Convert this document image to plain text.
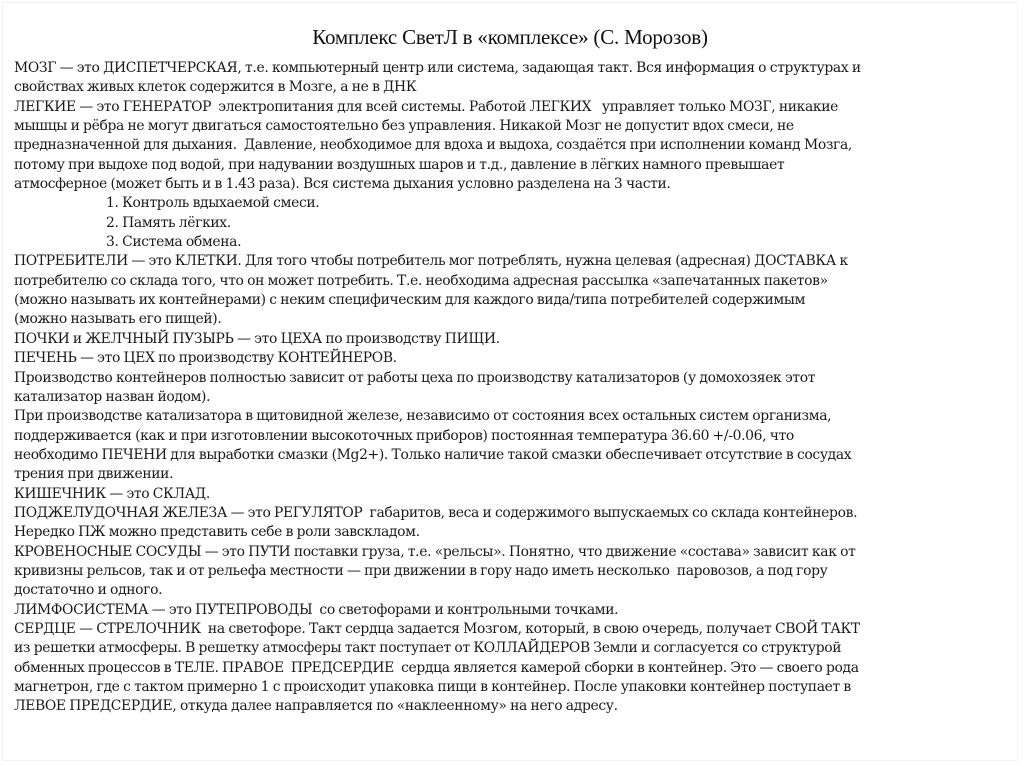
Комплекс СветЛ в «комплексе» (С. Морозов)
МОЗГ — это ДИСПЕТЧЕРСКАЯ, т.е. компьютерный центр или система, задающая такт. Вся информация о структурах и
свойствах живых клеток содержится в Мозге, а не в ДНК
ЛЕГКИЕ — это ГЕНЕРАТОР  электропитания для всей системы. Работой ЛЕГКИХ   управляет только МОЗГ, никакие
мышцы и рёбра не могут двигаться самостоятельно без управления. Никакой Мозг не допустит вдох смеси, не
предназначенной для дыхания.  Давление, необходимое для вдоха и выдоха, создаётся при исполнении команд Мозга,
потому при выдохе под водой, при надувании воздушных шаров и т.д., давление в лёгких намного превышает
атмосферное (может быть и в 1.43 раза). Вся система дыхания условно разделена на 3 части.
1. Контроль вдыхаемой смеси.
2. Память лёгких.
3. Система обмена.
ПОТРЕБИТЕЛИ — это КЛЕТКИ. Для того чтобы потребитель мог потреблять, нужна целевая (адресная) ДОСТАВКА к
потребителю со склада того, что он может потребить. Т.е. необходима адресная рассылка «запечатанных пакетов»
(можно называть их контейнерами) с неким специфическим для каждого вида/типа потребителей содержимым
(можно называть его пищей).
ПОЧКИ и ЖЕЛЧНЫЙ ПУЗЫРЬ — это ЦЕХА по производству ПИЩИ.
ПЕЧЕНЬ — это ЦЕХ по производству КОНТЕЙНЕРОВ.
Производство контейнеров полностью зависит от работы цеха по производству катализаторов (у домохозяек этот
катализатор назван йодом).
При производстве катализатора в щитовидной железе, независимо от состояния всех остальных систем организма,
поддерживается (как и при изготовлении высокоточных приборов) постоянная температура 36.60 +/-0.06, что
необходимо ПЕЧЕНИ для выработки смазки (Mg2+). Только наличие такой смазки обеспечивает отсутствие в сосудах
трения при движении.
КИШЕЧНИК — это СКЛАД.
ПОДЖЕЛУДОЧНАЯ ЖЕЛЕЗА — это РЕГУЛЯТОР  габаритов, веса и содержимого выпускаемых со склада контейнеров.
Нередко ПЖ можно представить себе в роли завскладом.
КРОВЕНОСНЫЕ СОСУДЫ — это ПУТИ поставки груза, т.е. «рельсы». Понятно, что движение «состава» зависит как от
кривизны рельсов, так и от рельефа местности — при движении в гору надо иметь несколько  паровозов, а под гору
достаточно и одного.
ЛИМФОСИСТЕМА — это ПУТЕПРОВОДЫ  со светофорами и контрольными точками.
СЕРДЦЕ — СТРЕЛОЧНИК  на светофоре. Такт сердца задается Мозгом, который, в свою очередь, получает СВОЙ ТАКТ
из решетки атмосферы. В решетку атмосферы такт поступает от КОЛЛАЙДЕРОВ Земли и согласуется со структурой
обменных процессов в ТЕЛЕ. ПРАВОЕ  ПРЕДСЕРДИЕ  сердца является камерой сборки в контейнер. Это — своего рода
магнетрон, где с тактом примерно 1 с происходит упаковка пищи в контейнер. После упаковки контейнер поступает в
ЛЕВОЕ ПРЕДСЕРДИЕ, откуда далее направляется по «наклеенному» на него адресу.
